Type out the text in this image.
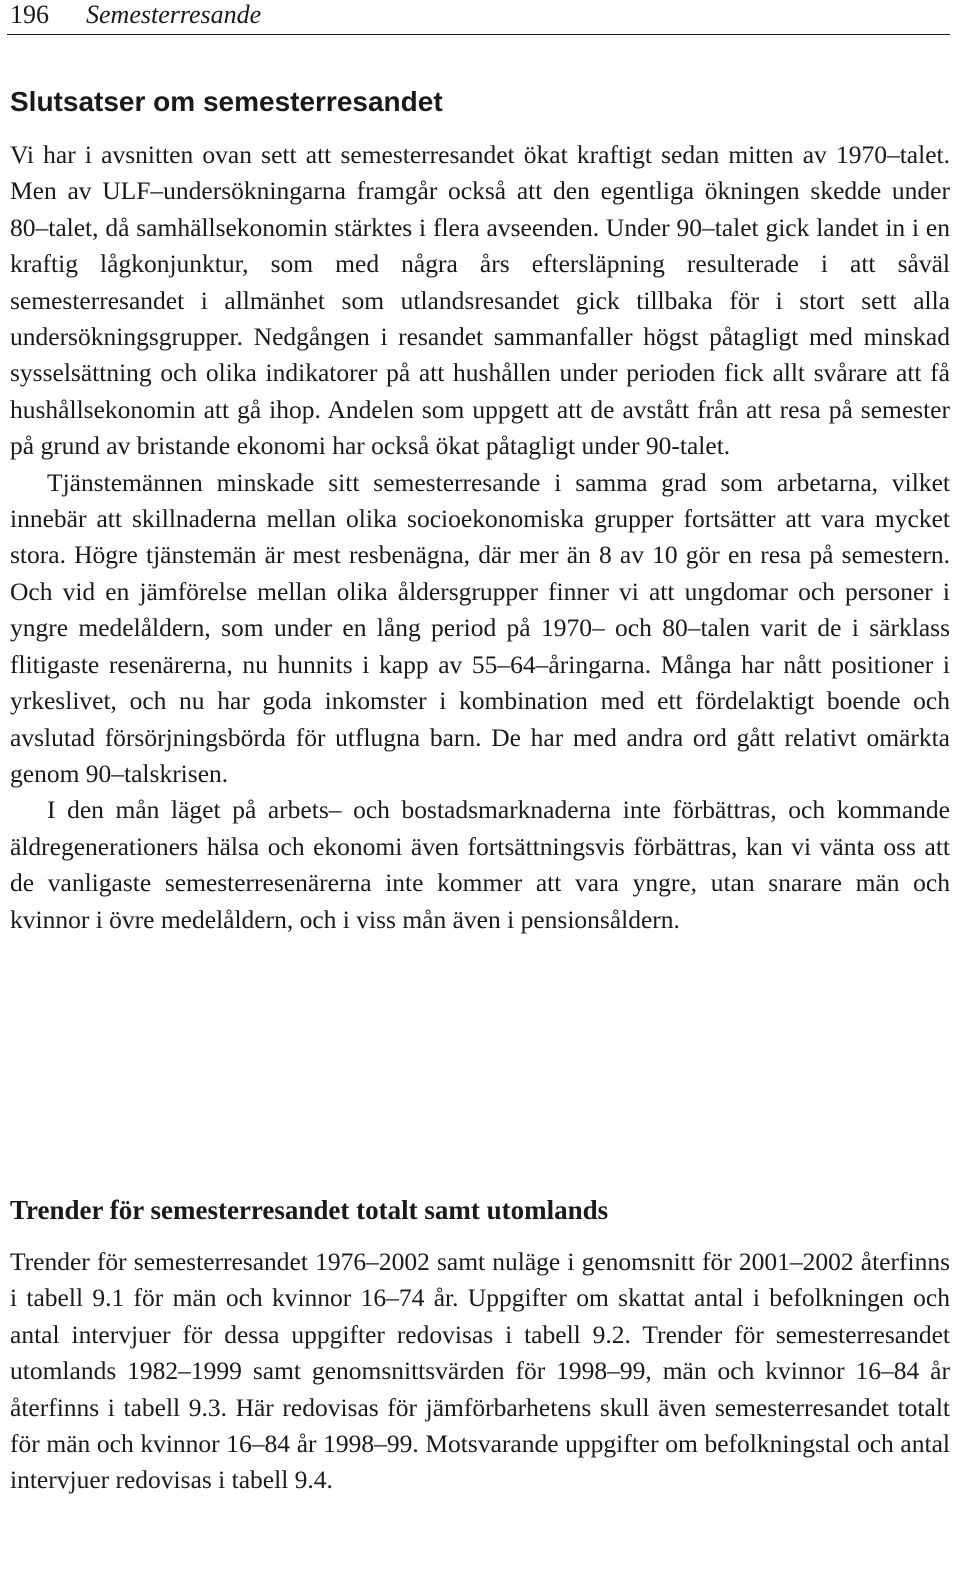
196 Semesterresande
Slutsatser om semesterresandet

Vi har i avsnitten ovan sett att semesterresandet ökat kraftigt sedan mitten av 1970–talet. Men av ULF–undersökningarna framgår också att den egentliga ökningen skedde under 80–talet, då samhällsekonomin stärktes i flera avseenden. Under 90–talet gick landet in i en kraftig lågkonjunktur, som med några års eftersläpning resulterade i att såväl semesterresandet i allmänhet som utlandsresandet gick tillbaka för i stort sett alla undersökningsgrupper. Nedgången i resandet sammanfaller högst påtagligt med minskad sysselsättning och olika indikatorer på att hushållen under perioden fick allt svårare att få hushållsekonomin att gå ihop. Andelen som uppgett att de avstått från att resa på semester på grund av bristande ekonomi har också ökat påtagligt under 90-talet.

Tjänstemännen minskade sitt semesterresande i samma grad som arbetarna, vilket innebär att skillnaderna mellan olika socioekonomiska grupper fortsätter att vara mycket stora. Högre tjänstemän är mest resbenägna, där mer än 8 av 10 gör en resa på semestern. Och vid en jämförelse mellan olika åldersgrupper finner vi att ungdomar och personer i yngre medelåldern, som under en lång period på 1970– och 80–talen varit de i särklass flitigaste resenärerna, nu hunnits i kapp av 55–64–åringarna. Många har nått positioner i yrkeslivet, och nu har goda inkomster i kombination med ett fördelaktigt boende och avslutad försörjningsbörda för utflugna barn. De har med andra ord gått relativt omärkta genom 90–talskrisen.

I den mån läget på arbets– och bostadsmarknaderna inte förbättras, och kommande äldregenerationers hälsa och ekonomi även fortsättningsvis förbättras, kan vi vänta oss att de vanligaste semesterresenärerna inte kommer att vara yngre, utan snarare män och kvinnor i övre medelåldern, och i viss mån även i pensionsåldern.

Trender för semesterresandet totalt samt utomlands

Trender för semesterresandet 1976–2002 samt nuläge i genomsnitt för 2001–2002 återfinns i tabell 9.1 för män och kvinnor 16–74 år. Uppgifter om skattat antal i befolkningen och antal intervjuer för dessa uppgifter redovisas i tabell 9.2. Trender för semesterresandet utomlands 1982–1999 samt genomsnittsvärden för 1998–99, män och kvinnor 16–84 år återfinns i tabell 9.3. Här redovisas för jämförbarhetens skull även semesterresandet totalt för män och kvinnor 16–84 år 1998–99. Motsvarande uppgifter om befolkningstal och antal intervjuer redovisas i tabell 9.4.
